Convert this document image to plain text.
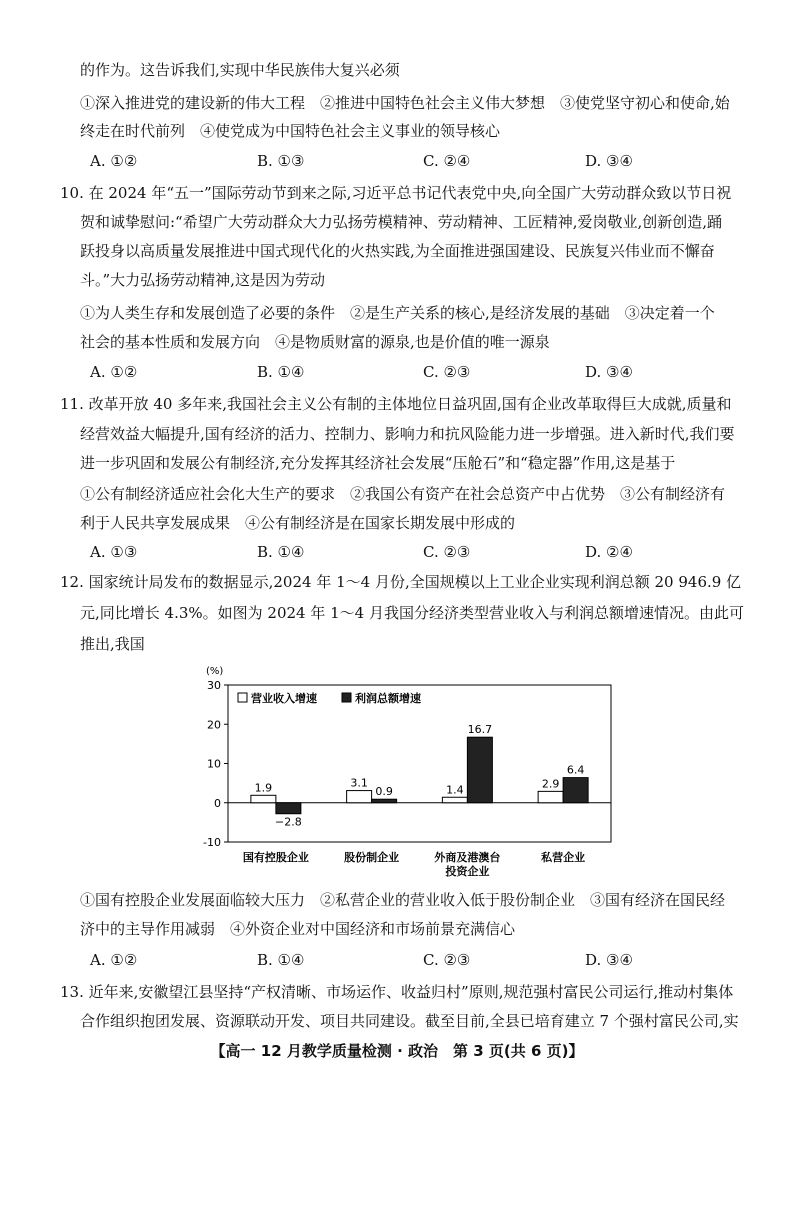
的作为。这告诉我们,实现中华民族伟大复兴必须
①深入推进党的建设新的伟大工程　②推进中国特色社会主义伟大梦想　③使党坚守初心和使命,始
终走在时代前列　④使党成为中国特色社会主义事业的领导核心
A. ①②	B. ①③	C. ②④	D. ③④
10. 在 2024 年“五一”国际劳动节到来之际,习近平总书记代表党中央,向全国广大劳动群众致以节日祝
贺和诚挚慰问:“希望广大劳动群众大力弘扬劳模精神、劳动精神、工匠精神,爱岗敬业,创新创造,踊
跃投身以高质量发展推进中国式现代化的火热实践,为全面推进强国建设、民族复兴伟业而不懈奋
斗。”大力弘扬劳动精神,这是因为劳动
①为人类生存和发展创造了必要的条件　②是生产关系的核心,是经济发展的基础　③决定着一个
社会的基本性质和发展方向　④是物质财富的源泉,也是价值的唯一源泉
A. ①②	B. ①④	C. ②③	D. ③④
11. 改革开放 40 多年来,我国社会主义公有制的主体地位日益巩固,国有企业改革取得巨大成就,质量和
经营效益大幅提升,国有经济的活力、控制力、影响力和抗风险能力进一步增强。进入新时代,我们要
进一步巩固和发展公有制经济,充分发挥其经济社会发展“压舱石”和“稳定器”作用,这是基于
①公有制经济适应社会化大生产的要求　②我国公有资产在社会总资产中占优势　③公有制经济有
利于人民共享发展成果　④公有制经济是在国家长期发展中形成的
A. ①③	B. ①④	C. ②③	D. ②④
12. 国家统计局发布的数据显示,2024 年 1～4 月份,全国规模以上工业企业实现利润总额 20 946.9 亿
元,同比增长 4.3%。如图为 2024 年 1～4 月我国分经济类型营业收入与利润总额增速情况。由此可
推出,我国
(%)
30
20
10
0
-10
1.9
−2.8
3.1
0.9	1.4
16.7
2.9
6.4
营业收入增速	利润总额增速
国有控股企业	股份制企业	外商及港澳台
投资企业
私营企业
①国有控股企业发展面临较大压力　②私营企业的营业收入低于股份制企业　③国有经济在国民经
济中的主导作用减弱　④外资企业对中国经济和市场前景充满信心
A. ①②	B. ①④	C. ②③	D. ③④
13. 近年来,安徽望江县坚持“产权清晰、市场运作、收益归村”原则,规范强村富民公司运行,推动村集体
合作组织抱团发展、资源联动开发、项目共同建设。截至目前,全县已培育建立 7 个强村富民公司,实
【高一 12 月教学质量检测 · 政治　第 3 页(共 6 页)】
